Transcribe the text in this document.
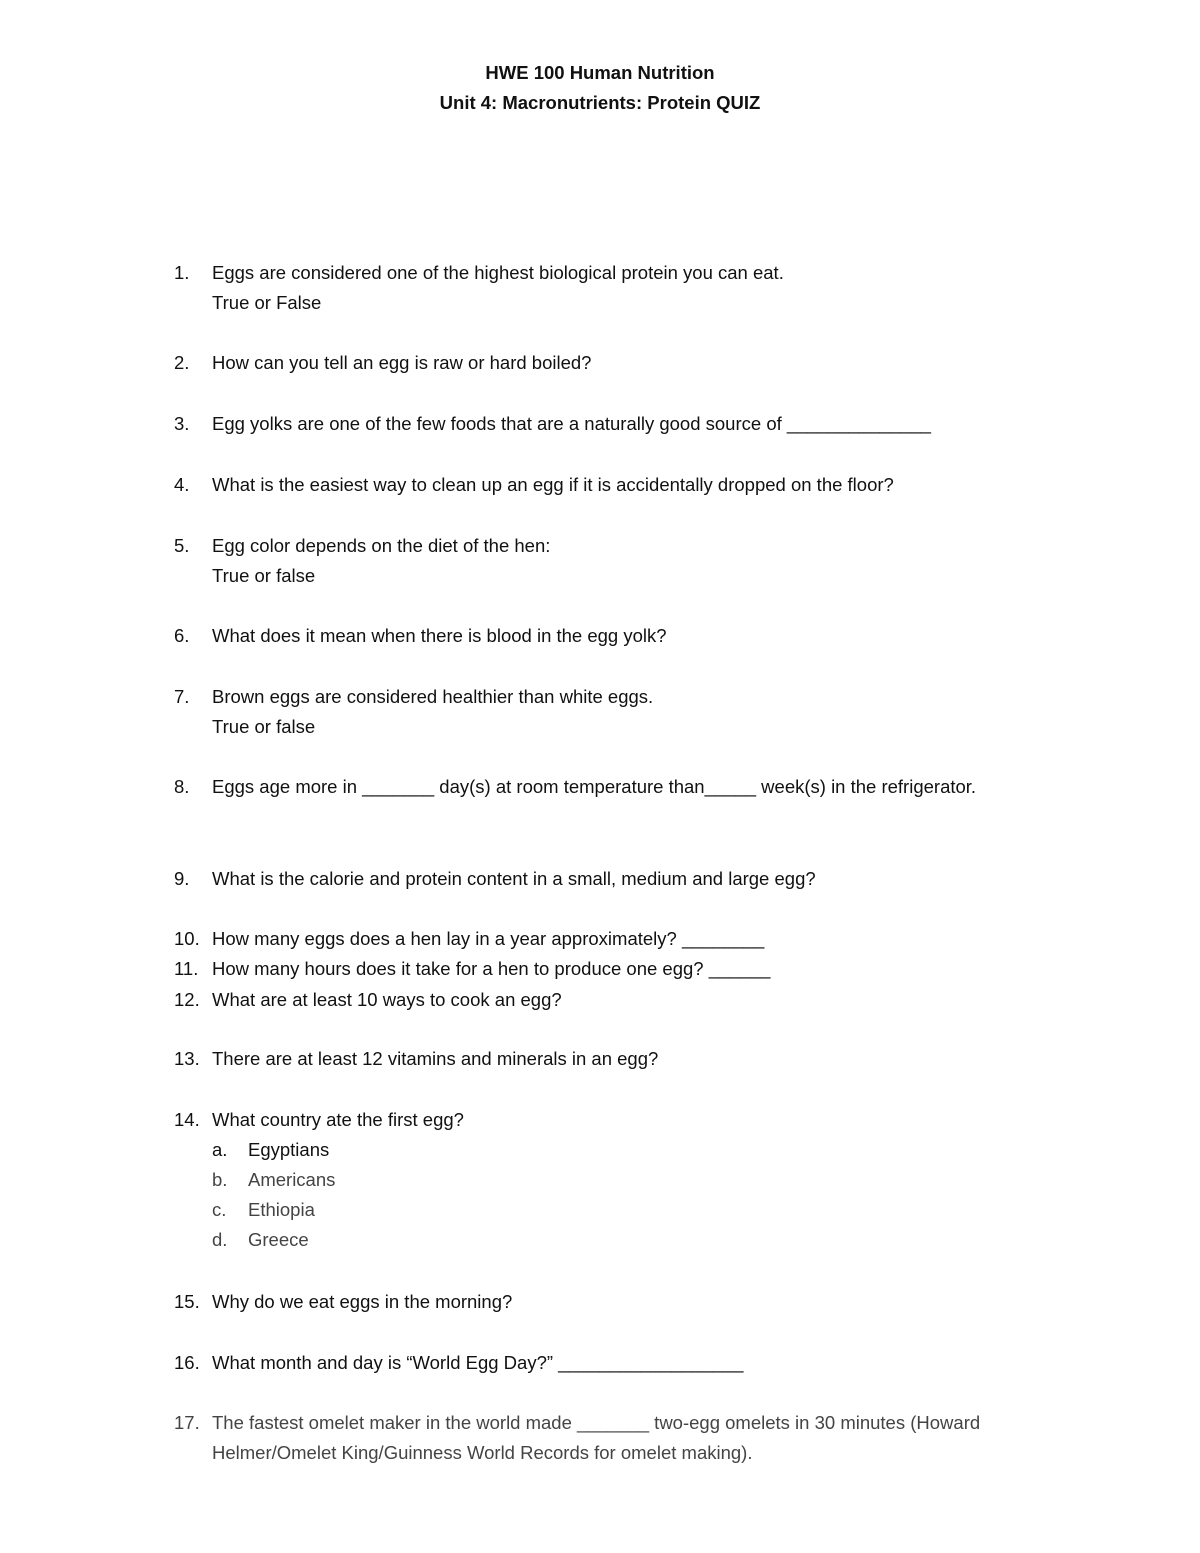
HWE 100 Human Nutrition
Unit 4: Macronutrients: Protein QUIZ
1.	Eggs are considered one of the highest biological protein you can eat.
True or False
2.	How can you tell an egg is raw or hard boiled?
3.	Egg yolks are one of the few foods that are a naturally good source of ______________
4.	What is the easiest way to clean up an egg if it is accidentally dropped on the floor?
5.	Egg color depends on the diet of the hen:
True or false
6.	What does it mean when there is blood in the egg yolk?
7.	Brown eggs are considered healthier than white eggs.
True or false
8.	Eggs age more in _______ day(s) at room temperature than_____ week(s) in the refrigerator.
9.	What is the calorie and protein content in a small, medium and large egg?
10. How many eggs does a hen lay in a year approximately? ________
11. How many hours does it take for a hen to produce one egg? ______
12. What are at least 10 ways to cook an egg?
13. There are at least 12 vitamins and minerals in an egg?
14. What country ate the first egg?
a.	Egyptians
b.	Americans
c.	Ethiopia
d.	Greece
15. Why do we eat eggs in the morning?
16. What month and day is “World Egg Day?” __________________
17. The fastest omelet maker in the world made _______ two-egg omelets in 30 minutes (Howard Helmer/Omelet King/Guinness World Records for omelet making).
